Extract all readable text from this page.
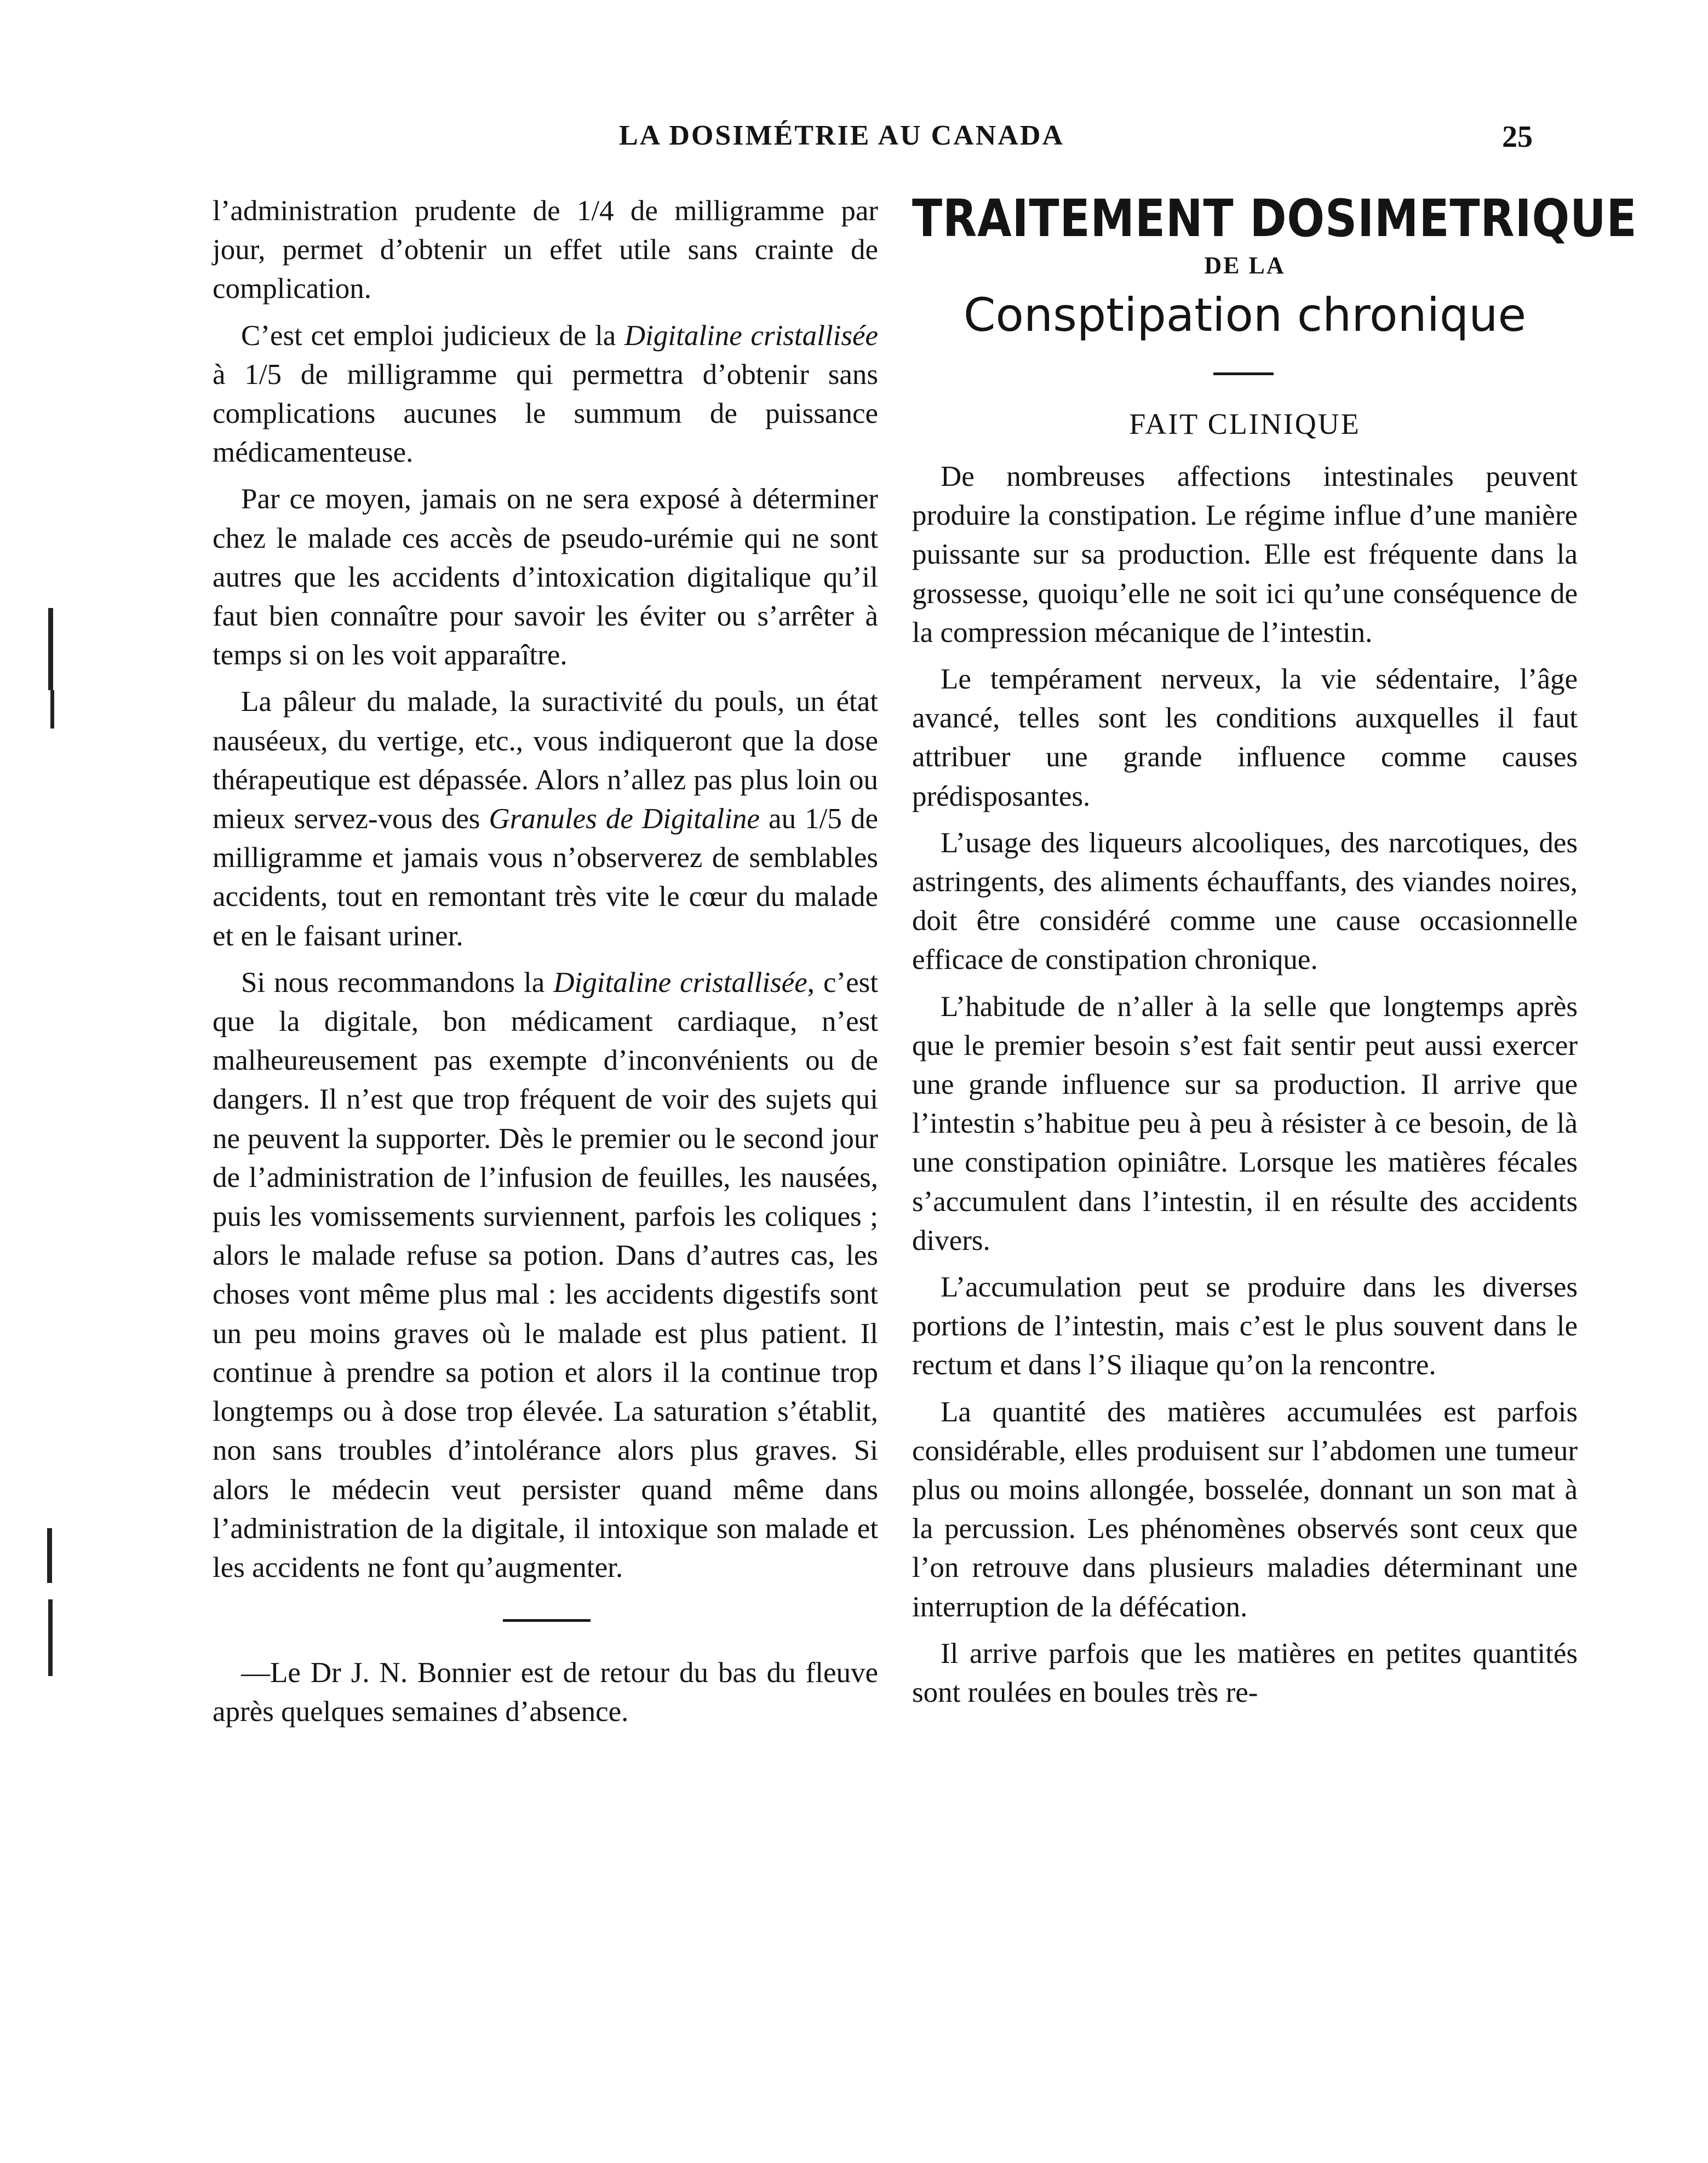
LA DOSIMÉTRIE AU CANADA	25

l’administration prudente de 1/4 de milligramme par jour, permet d’obtenir un effet utile sans crainte de complication.

C’est cet emploi judicieux de la Digitaline cristallisée à 1/5 de milligramme qui permettra d’obtenir sans complications aucunes le summum de puissance médicamenteuse.

Par ce moyen, jamais on ne sera exposé à déterminer chez le malade ces accès de pseudo-urémie qui ne sont autres que les accidents d’intoxication digitalique qu’il faut bien connaître pour savoir les éviter ou s’arrêter à temps si on les voit apparaître.

La pâleur du malade, la suractivité du pouls, un état nauséeux, du vertige, etc., vous indiqueront que la dose thérapeutique est dépassée. Alors n’allez pas plus loin ou mieux servez-vous des Granules de Digitaline au 1/5 de milligramme et jamais vous n’observerez de semblables accidents, tout en remontant très vite le cœur du malade et en le faisant uriner.

Si nous recommandons la Digitaline cristallisée, c’est que la digitale, bon médicament cardiaque, n’est malheureusement pas exempte d’inconvénients ou de dangers. Il n’est que trop fréquent de voir des sujets qui ne peuvent la supporter. Dès le premier ou le second jour de l’administration de l’infusion de feuilles, les nausées, puis les vomissements surviennent, parfois les coliques ; alors le malade refuse sa potion. Dans d’autres cas, les choses vont même plus mal : les accidents digestifs sont un peu moins graves où le malade est plus patient. Il continue à prendre sa potion et alors il la continue trop longtemps ou à dose trop élevée. La saturation s’établit, non sans troubles d’intolérance alors plus graves. Si alors le médecin veut persister quand même dans l’administration de la digitale, il intoxique son malade et les accidents ne font qu’augmenter.

—Le Dr J. N. Bonnier est de retour du bas du fleuve après quelques semaines d’absence.

TRAITEMENT DOSIMETRIQUE
DE LA
Consptipation chronique
FAIT CLINIQUE

De nombreuses affections intestinales peuvent produire la constipation. Le régime influe d’une manière puissante sur sa production. Elle est fréquente dans la grossesse, quoiqu’elle ne soit ici qu’une conséquence de la compression mécanique de l’intestin.

Le tempérament nerveux, la vie sédentaire, l’âge avancé, telles sont les conditions auxquelles il faut attribuer une grande influence comme causes prédisposantes.

L’usage des liqueurs alcooliques, des narcotiques, des astringents, des aliments échauffants, des viandes noires, doit être considéré comme une cause occasionnelle efficace de constipation chronique.

L’habitude de n’aller à la selle que longtemps après que le premier besoin s’est fait sentir peut aussi exercer une grande influence sur sa production. Il arrive que l’intestin s’habitue peu à peu à résister à ce besoin, de là une constipation opiniâtre. Lorsque les matières fécales s’accumulent dans l’intestin, il en résulte des accidents divers.

L’accumulation peut se produire dans les diverses portions de l’intestin, mais c’est le plus souvent dans le rectum et dans l’S iliaque qu’on la rencontre.

La quantité des matières accumulées est parfois considérable, elles produisent sur l’abdomen une tumeur plus ou moins allongée, bosselée, donnant un son mat à la percussion. Les phénomènes observés sont ceux que l’on retrouve dans plusieurs maladies déterminant une interruption de la défécation.

Il arrive parfois que les matières en petites quantités sont roulées en boules très re-
